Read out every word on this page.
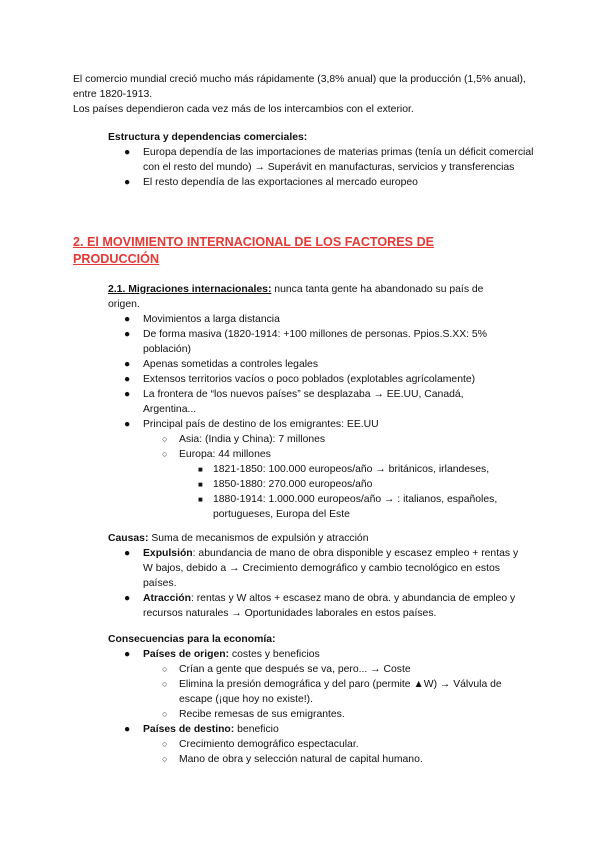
El comercio mundial creció mucho más rápidamente (3,8% anual) que la producción (1,5% anual), entre 1820-1913.

Los países dependieron cada vez más de los intercambios con el exterior.

Estructura y dependencias comerciales:

● Europa dependía de las importaciones de materias primas (tenía un déficit comercial con el resto del mundo) → Superávit en manufacturas, servicios y transferencias
● El resto dependía de las exportaciones al mercado europeo
2. El MOVIMIENTO INTERNACIONAL DE LOS FACTORES DE PRODUCCIÓN

2.1. Migraciones internacionales: nunca tanta gente ha abandonado su país de origen.

● Movimientos a larga distancia
● De forma masiva (1820-1914: +100 millones de personas. Ppios.S.XX: 5% población)
● Apenas sometidas a controles legales
● Extensos territorios vacíos o poco poblados (explotables agrícolamente)
● La frontera de “los nuevos países” se desplazaba → EE.UU, Canadá, Argentina...
● Principal país de destino de los emigrantes: EE.UU
○ Asia: (India y China): 7 millones
○ Europa: 44 millones
■ 1821-1850: 100.000 europeos/año → británicos, irlandeses,
■ 1850-1880: 270.000 europeos/año
■ 1880-1914: 1.000.000 europeos/año → : italianos, españoles, portugueses, Europa del Este

Causas: Suma de mecanismos de expulsión y atracción

● Expulsión: abundancia de mano de obra disponible y escasez empleo + rentas y W bajos, debido a → Crecimiento demográfico y cambio tecnológico en estos países.
● Atracción: rentas y W altos + escasez mano de obra. y abundancia de empleo y recursos naturales → Oportunidades laborales en estos países.

Consecuencias para la economía:

● Países de origen: costes y beneficios
○ Crían a gente que después se va, pero... → Coste
○ Elimina la presión demográfica y del paro (permite ▲W) → Válvula de escape (¡que hoy no existe!).
○ Recibe remesas de sus emigrantes.
● Países de destino: beneficio
○ Crecimiento demográfico espectacular.
○ Mano de obra y selección natural de capital humano.
